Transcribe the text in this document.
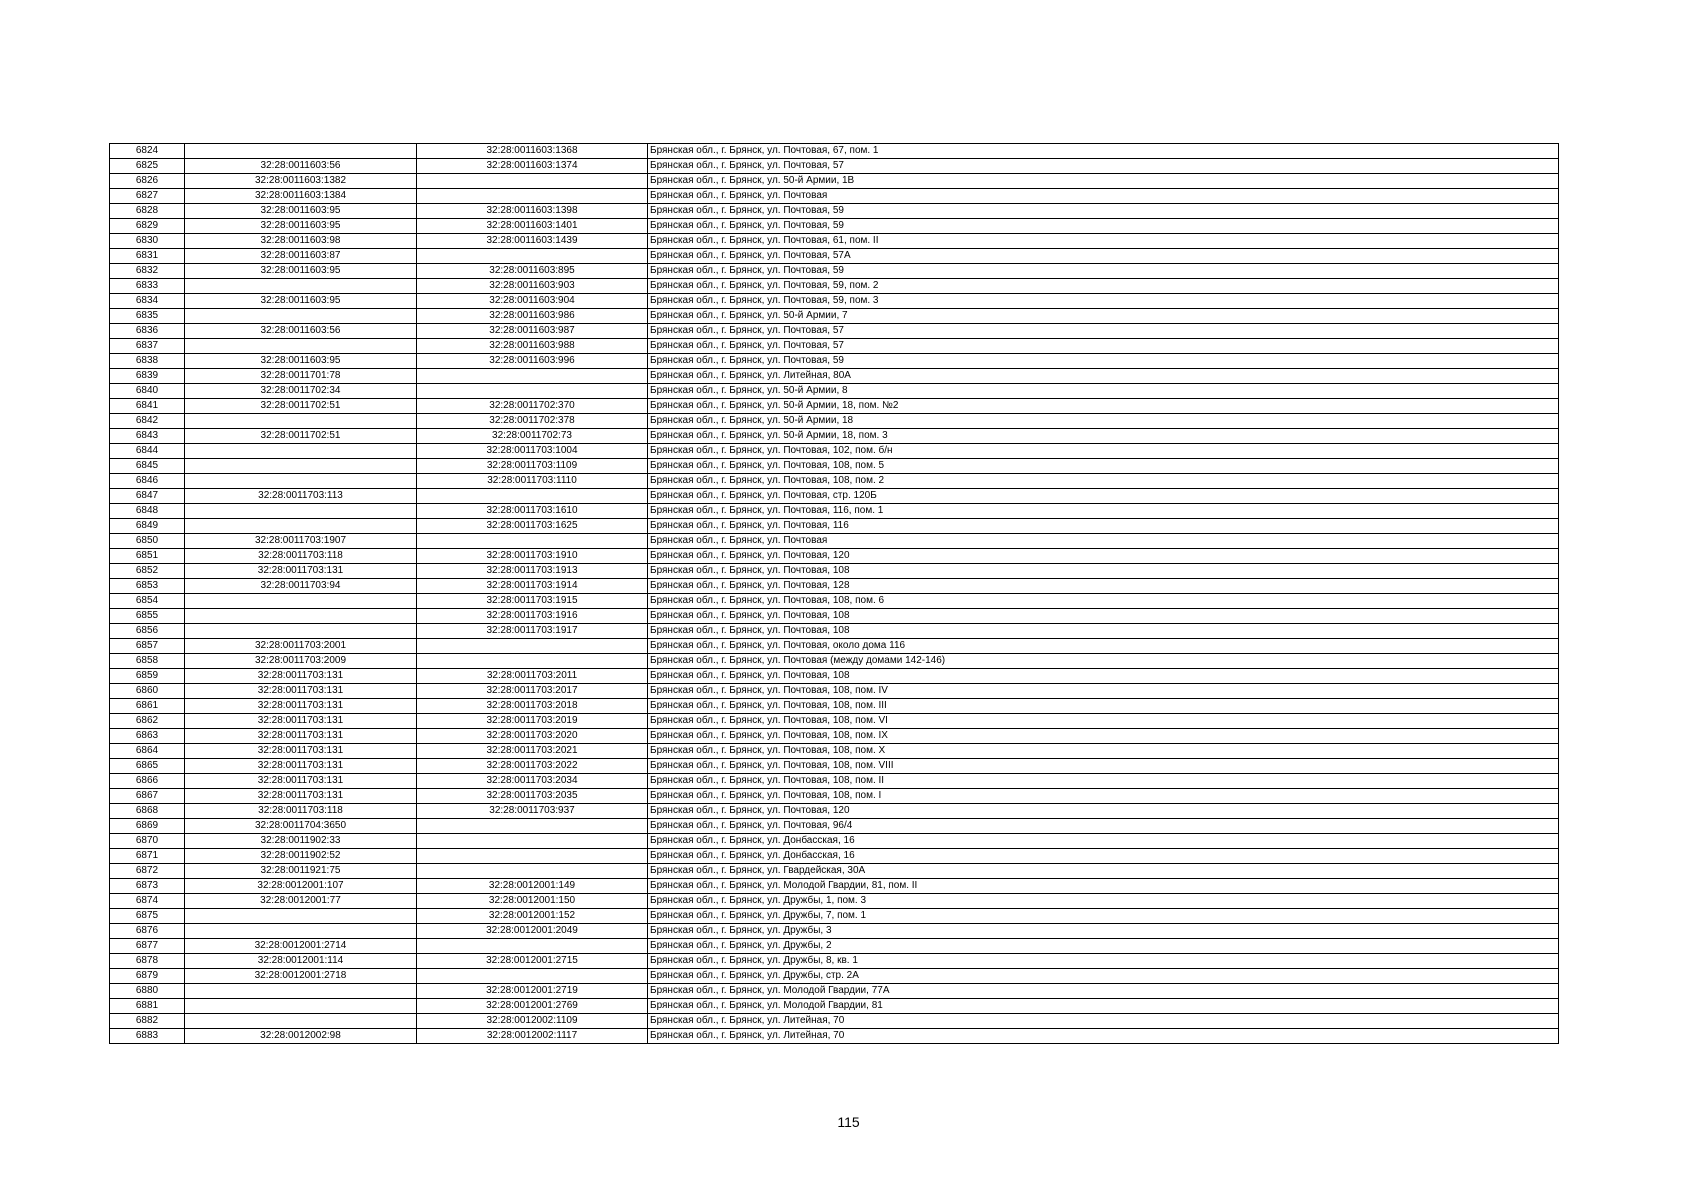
6824		32:28:0011603:1368	Брянская обл., г. Брянск, ул. Почтовая, 67, пом. 1
6825	32:28:0011603:56	32:28:0011603:1374	Брянская обл., г. Брянск, ул. Почтовая, 57
6826	32:28:0011603:1382		Брянская обл., г. Брянск, ул. 50-й Армии, 1В
6827	32:28:0011603:1384		Брянская обл., г. Брянск, ул. Почтовая
6828	32:28:0011603:95	32:28:0011603:1398	Брянская обл., г. Брянск, ул. Почтовая, 59
6829	32:28:0011603:95	32:28:0011603:1401	Брянская обл., г. Брянск, ул. Почтовая, 59
6830	32:28:0011603:98	32:28:0011603:1439	Брянская обл., г. Брянск, ул. Почтовая, 61, пом. II
6831	32:28:0011603:87		Брянская обл., г. Брянск, ул. Почтовая, 57А
6832	32:28:0011603:95	32:28:0011603:895	Брянская обл., г. Брянск, ул. Почтовая, 59
6833		32:28:0011603:903	Брянская обл., г. Брянск, ул. Почтовая, 59, пом. 2
6834	32:28:0011603:95	32:28:0011603:904	Брянская обл., г. Брянск, ул. Почтовая, 59, пом. 3
6835		32:28:0011603:986	Брянская обл., г. Брянск, ул. 50-й Армии, 7
6836	32:28:0011603:56	32:28:0011603:987	Брянская обл., г. Брянск, ул. Почтовая, 57
6837		32:28:0011603:988	Брянская обл., г. Брянск, ул. Почтовая, 57
6838	32:28:0011603:95	32:28:0011603:996	Брянская обл., г. Брянск, ул. Почтовая, 59
6839	32:28:0011701:78		Брянская обл., г. Брянск, ул. Литейная, 80А
6840	32:28:0011702:34		Брянская обл., г. Брянск, ул. 50-й Армии, 8
6841	32:28:0011702:51	32:28:0011702:370	Брянская обл., г. Брянск, ул. 50-й Армии, 18, пом. №2
6842		32:28:0011702:378	Брянская обл., г. Брянск, ул. 50-й Армии, 18
6843	32:28:0011702:51	32:28:0011702:73	Брянская обл., г. Брянск, ул. 50-й Армии, 18, пом. 3
6844		32:28:0011703:1004	Брянская обл., г. Брянск, ул. Почтовая, 102, пом. б/н
6845		32:28:0011703:1109	Брянская обл., г. Брянск, ул. Почтовая, 108, пом. 5
6846		32:28:0011703:1110	Брянская обл., г. Брянск, ул. Почтовая, 108, пом. 2
6847	32:28:0011703:113		Брянская обл., г. Брянск, ул. Почтовая, стр. 120Б
6848		32:28:0011703:1610	Брянская обл., г. Брянск, ул. Почтовая, 116, пом. 1
6849		32:28:0011703:1625	Брянская обл., г. Брянск, ул. Почтовая, 116
6850	32:28:0011703:1907		Брянская обл., г. Брянск, ул. Почтовая
6851	32:28:0011703:118	32:28:0011703:1910	Брянская обл., г. Брянск, ул. Почтовая, 120
6852	32:28:0011703:131	32:28:0011703:1913	Брянская обл., г. Брянск, ул. Почтовая, 108
6853	32:28:0011703:94	32:28:0011703:1914	Брянская обл., г. Брянск, ул. Почтовая, 128
6854		32:28:0011703:1915	Брянская обл., г. Брянск, ул. Почтовая, 108, пом. 6
6855		32:28:0011703:1916	Брянская обл., г. Брянск, ул. Почтовая, 108
6856		32:28:0011703:1917	Брянская обл., г. Брянск, ул. Почтовая, 108
6857	32:28:0011703:2001		Брянская обл., г. Брянск, ул. Почтовая, около дома 116
6858	32:28:0011703:2009		Брянская обл., г. Брянск, ул. Почтовая (между домами 142-146)
6859	32:28:0011703:131	32:28:0011703:2011	Брянская обл., г. Брянск, ул. Почтовая, 108
6860	32:28:0011703:131	32:28:0011703:2017	Брянская обл., г. Брянск, ул. Почтовая, 108, пом. IV
6861	32:28:0011703:131	32:28:0011703:2018	Брянская обл., г. Брянск, ул. Почтовая, 108, пом. III
6862	32:28:0011703:131	32:28:0011703:2019	Брянская обл., г. Брянск, ул. Почтовая, 108, пом. VI
6863	32:28:0011703:131	32:28:0011703:2020	Брянская обл., г. Брянск, ул. Почтовая, 108, пом. IX
6864	32:28:0011703:131	32:28:0011703:2021	Брянская обл., г. Брянск, ул. Почтовая, 108, пом. X
6865	32:28:0011703:131	32:28:0011703:2022	Брянская обл., г. Брянск, ул. Почтовая, 108, пом. VIII
6866	32:28:0011703:131	32:28:0011703:2034	Брянская обл., г. Брянск, ул. Почтовая, 108, пом. II
6867	32:28:0011703:131	32:28:0011703:2035	Брянская обл., г. Брянск, ул. Почтовая, 108, пом. I
6868	32:28:0011703:118	32:28:0011703:937	Брянская обл., г. Брянск, ул. Почтовая, 120
6869	32:28:0011704:3650		Брянская обл., г. Брянск, ул. Почтовая, 96/4
6870	32:28:0011902:33		Брянская обл., г. Брянск, ул. Донбасская, 16
6871	32:28:0011902:52		Брянская обл., г. Брянск, ул. Донбасская, 16
6872	32:28:0011921:75		Брянская обл., г. Брянск, ул. Гвардейская, 30А
6873	32:28:0012001:107	32:28:0012001:149	Брянская обл., г. Брянск, ул. Молодой Гвардии, 81, пом. II
6874	32:28:0012001:77	32:28:0012001:150	Брянская обл., г. Брянск, ул. Дружбы, 1, пом. 3
6875		32:28:0012001:152	Брянская обл., г. Брянск, ул. Дружбы, 7, пом. 1
6876		32:28:0012001:2049	Брянская обл., г. Брянск, ул. Дружбы, 3
6877	32:28:0012001:2714		Брянская обл., г. Брянск, ул. Дружбы, 2
6878	32:28:0012001:114	32:28:0012001:2715	Брянская обл., г. Брянск, ул. Дружбы, 8, кв. 1
6879	32:28:0012001:2718		Брянская обл., г. Брянск, ул. Дружбы, стр. 2А
6880		32:28:0012001:2719	Брянская обл., г. Брянск, ул. Молодой Гвардии, 77А
6881		32:28:0012001:2769	Брянская обл., г. Брянск, ул. Молодой Гвардии, 81
6882		32:28:0012002:1109	Брянская обл., г. Брянск, ул. Литейная, 70
6883	32:28:0012002:98	32:28:0012002:1117	Брянская обл., г. Брянск, ул. Литейная, 70
115
